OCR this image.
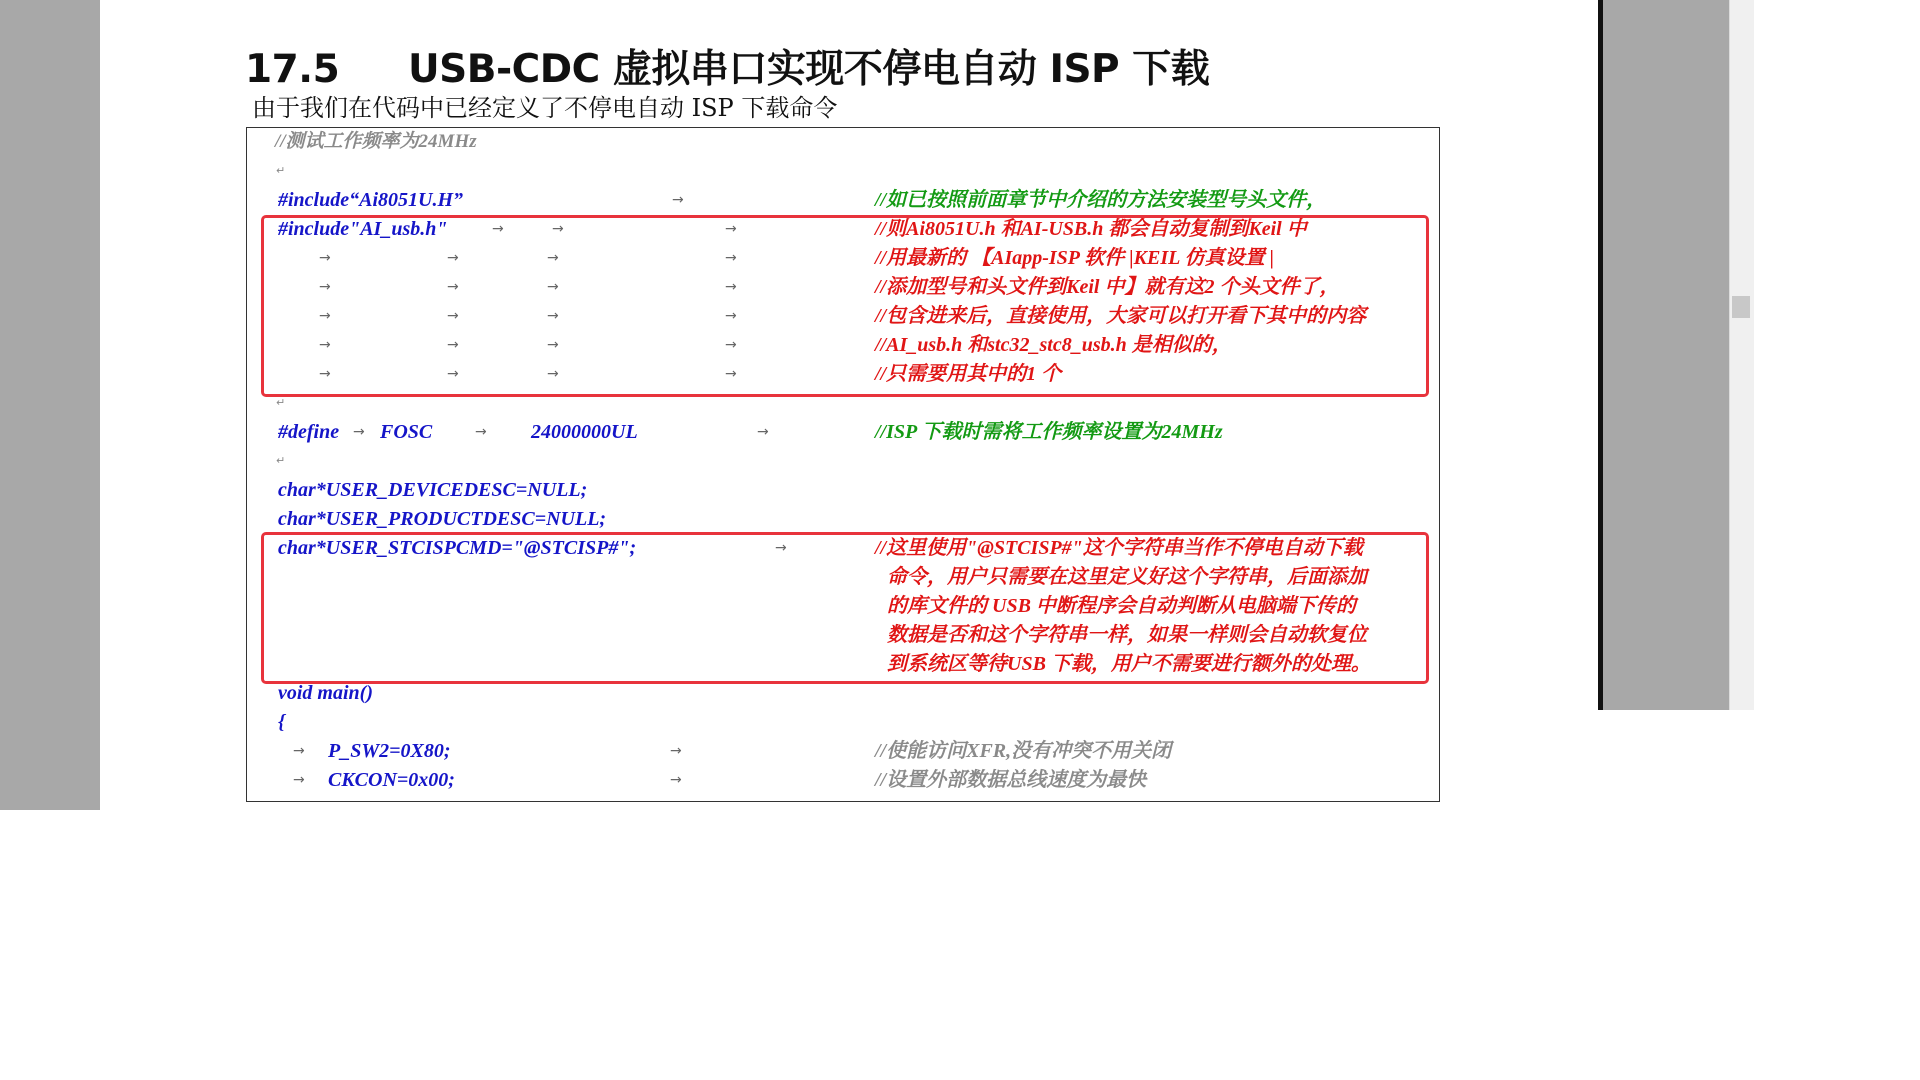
17.5 USB-CDC 虚拟串口实现不停电自动 ISP 下载
由于我们在代码中已经定义了不停电自动 ISP 下载命令
//测试工作频率为24MHz
↵
#include“Ai8051U.H”	→	//如已按照前面章节中介绍的方法安装型号头文件，
#include"AI_usb.h"	→	→	→	//则Ai8051U.h 和AI-USB.h 都会自动复制到Keil 中
→	→	→	→	//用最新的 【AIapp-ISP 软件 |KEIL 仿真设置 |
→	→	→	→	//添加型号和头文件到Keil 中】就有这2 个头文件了，
→	→	→	→	//包含进来后，直接使用，大家可以打开看下其中的内容
→	→	→	→	//AI_usb.h 和stc32_stc8_usb.h 是相似的，
→	→	→	→	//只需要用其中的1 个
↵
#define → FOSC	→ 24000000UL	→	//ISP 下载时需将工作频率设置为24MHz
↵
char*USER_DEVICEDESC=NULL;
char*USER_PRODUCTDESC=NULL;
char*USER_STCISPCMD="@STCISP#";	→	//这里使用"@STCISP#"这个字符串当作不停电自动下载
命令，用户只需要在这里定义好这个字符串，后面添加
的库文件的 USB 中断程序会自动判断从电脑端下传的
数据是否和这个字符串一样，如果一样则会自动软复位
到系统区等待USB 下载，用户不需要进行额外的处理。
void main()
{
→ P_SW2=0X80;	→	//使能访问XFR,没有冲突不用关闭
→ CKCON=0x00;	→	//设置外部数据总线速度为最快
